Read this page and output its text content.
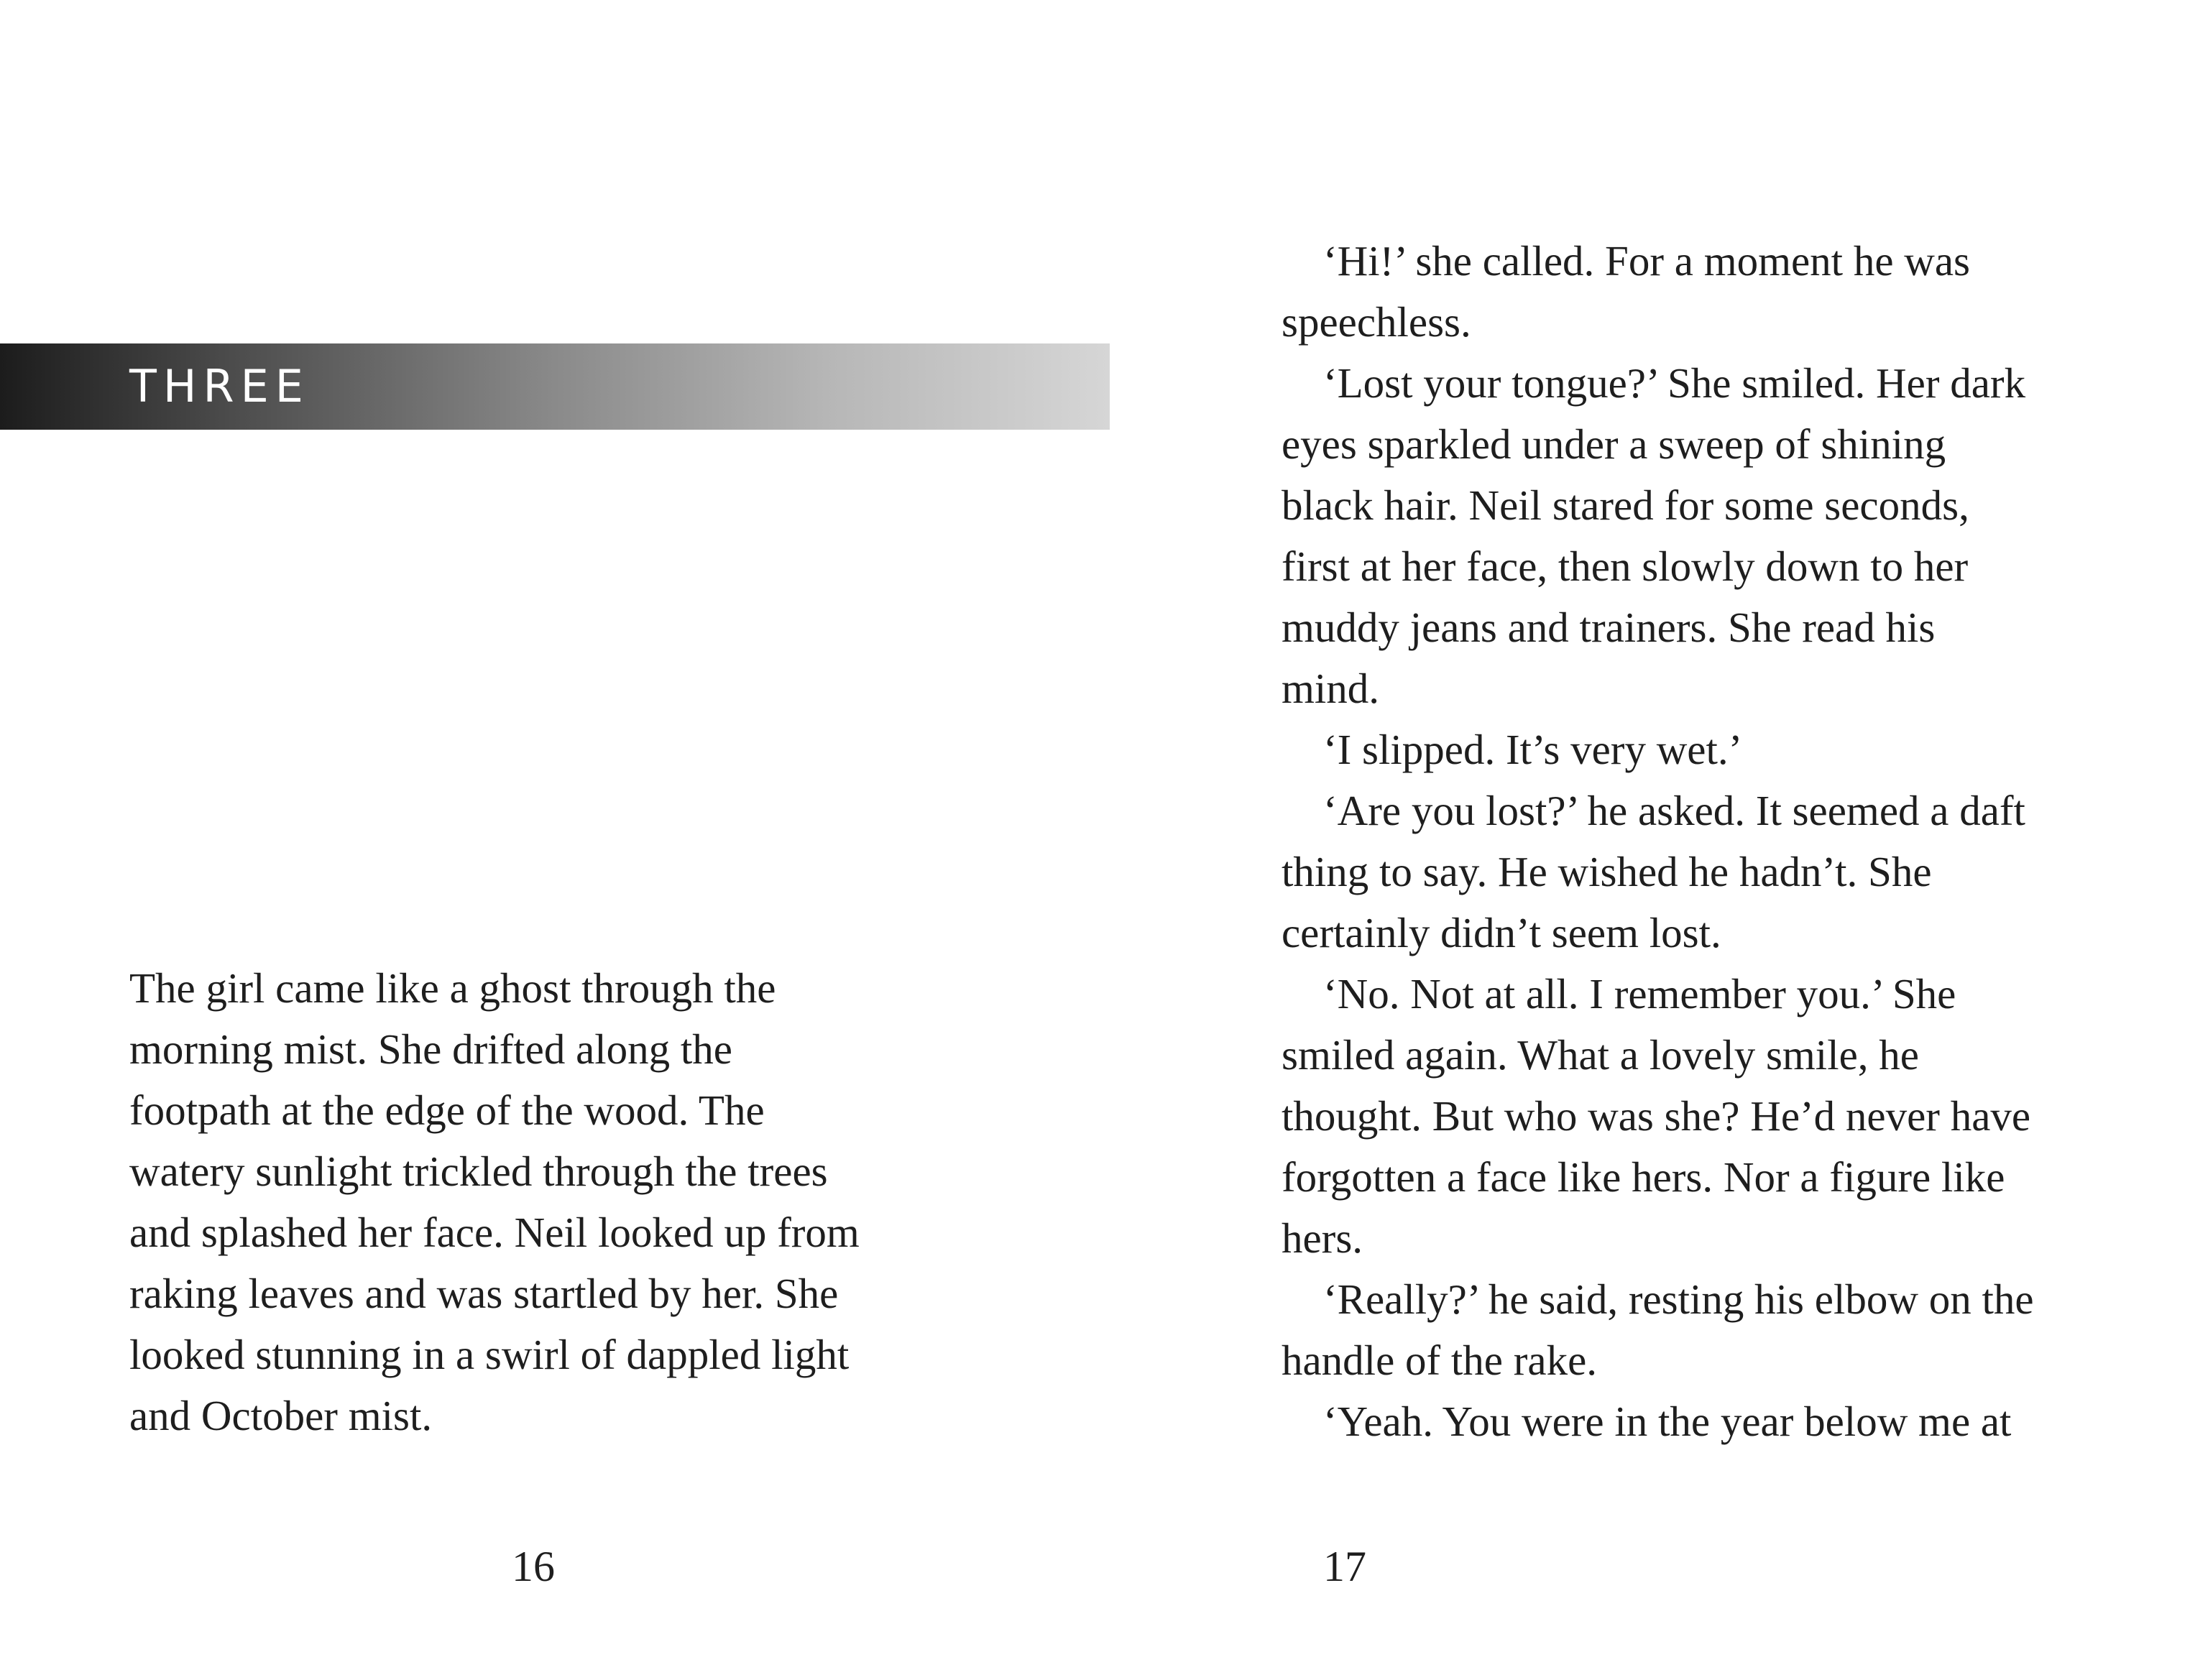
THREE
The girl came like a ghost through the
morning mist. She drifted along the
footpath at the edge of the wood. The
watery sunlight trickled through the trees
and splashed her face. Neil looked up from
raking leaves and was startled by her. She
looked stunning in a swirl of dappled light
and October mist.
16
‘Hi!’ she called. For a moment he was
speechless.
‘Lost your tongue?’ She smiled. Her dark
eyes sparkled under a sweep of shining
black hair. Neil stared for some seconds,
first at her face, then slowly down to her
muddy jeans and trainers. She read his
mind.
‘I slipped. It’s very wet.’
‘Are you lost?’ he asked. It seemed a daft
thing to say. He wished he hadn’t. She
certainly didn’t seem lost.
‘No. Not at all. I remember you.’ She
smiled again. What a lovely smile, he
thought. But who was she? He’d never have
forgotten a face like hers. Nor a figure like
hers.
‘Really?’ he said, resting his elbow on the
handle of the rake.
‘Yeah. You were in the year below me at
17
